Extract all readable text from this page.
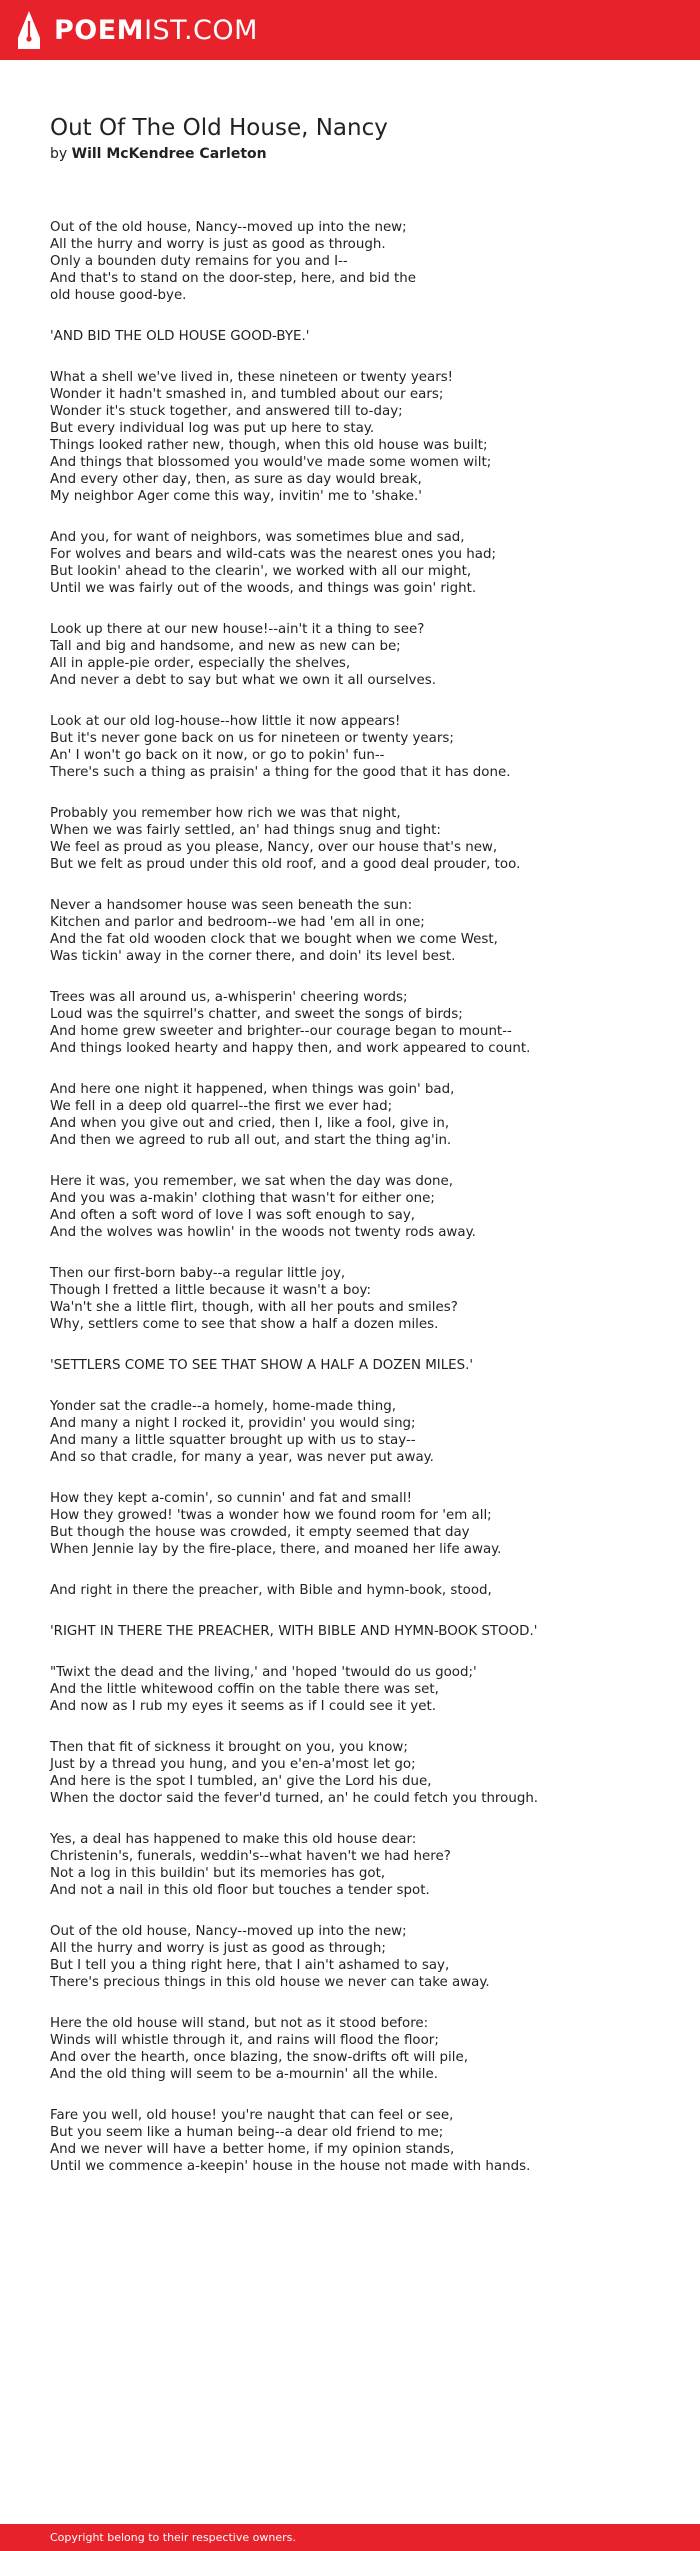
POEMIST.COM
Out Of The Old House, Nancy
by Will McKendree Carleton
Out of the old house, Nancy--moved up into the new;
All the hurry and worry is just as good as through.
Only a bounden duty remains for you and I--
And that's to stand on the door-step, here, and bid the
old house good-bye.
'AND BID THE OLD HOUSE GOOD-BYE.'
What a shell we've lived in, these nineteen or twenty years!
Wonder it hadn't smashed in, and tumbled about our ears;
Wonder it's stuck together, and answered till to-day;
But every individual log was put up here to stay.
Things looked rather new, though, when this old house was built;
And things that blossomed you would've made some women wilt;
And every other day, then, as sure as day would break,
My neighbor Ager come this way, invitin' me to 'shake.'
And you, for want of neighbors, was sometimes blue and sad,
For wolves and bears and wild-cats was the nearest ones you had;
But lookin' ahead to the clearin', we worked with all our might,
Until we was fairly out of the woods, and things was goin' right.
Look up there at our new house!--ain't it a thing to see?
Tall and big and handsome, and new as new can be;
All in apple-pie order, especially the shelves,
And never a debt to say but what we own it all ourselves.
Look at our old log-house--how little it now appears!
But it's never gone back on us for nineteen or twenty years;
An' I won't go back on it now, or go to pokin' fun--
There's such a thing as praisin' a thing for the good that it has done.
Probably you remember how rich we was that night,
When we was fairly settled, an' had things snug and tight:
We feel as proud as you please, Nancy, over our house that's new,
But we felt as proud under this old roof, and a good deal prouder, too.
Never a handsomer house was seen beneath the sun:
Kitchen and parlor and bedroom--we had 'em all in one;
And the fat old wooden clock that we bought when we come West,
Was tickin' away in the corner there, and doin' its level best.
Trees was all around us, a-whisperin' cheering words;
Loud was the squirrel's chatter, and sweet the songs of birds;
And home grew sweeter and brighter--our courage began to mount--
And things looked hearty and happy then, and work appeared to count.
And here one night it happened, when things was goin' bad,
We fell in a deep old quarrel--the first we ever had;
And when you give out and cried, then I, like a fool, give in,
And then we agreed to rub all out, and start the thing ag'in.
Here it was, you remember, we sat when the day was done,
And you was a-makin' clothing that wasn't for either one;
And often a soft word of love I was soft enough to say,
And the wolves was howlin' in the woods not twenty rods away.
Then our first-born baby--a regular little joy,
Though I fretted a little because it wasn't a boy:
Wa'n't she a little flirt, though, with all her pouts and smiles?
Why, settlers come to see that show a half a dozen miles.
'SETTLERS COME TO SEE THAT SHOW A HALF A DOZEN MILES.'
Yonder sat the cradle--a homely, home-made thing,
And many a night I rocked it, providin' you would sing;
And many a little squatter brought up with us to stay--
And so that cradle, for many a year, was never put away.
How they kept a-comin', so cunnin' and fat and small!
How they growed! 'twas a wonder how we found room for 'em all;
But though the house was crowded, it empty seemed that day
When Jennie lay by the fire-place, there, and moaned her life away.
And right in there the preacher, with Bible and hymn-book, stood,
'RIGHT IN THERE THE PREACHER, WITH BIBLE AND HYMN-BOOK STOOD.'
"Twixt the dead and the living,' and 'hoped 'twould do us good;'
And the little whitewood coffin on the table there was set,
And now as I rub my eyes it seems as if I could see it yet.
Then that fit of sickness it brought on you, you know;
Just by a thread you hung, and you e'en-a'most let go;
And here is the spot I tumbled, an' give the Lord his due,
When the doctor said the fever'd turned, an' he could fetch you through.
Yes, a deal has happened to make this old house dear:
Christenin's, funerals, weddin's--what haven't we had here?
Not a log in this buildin' but its memories has got,
And not a nail in this old floor but touches a tender spot.
Out of the old house, Nancy--moved up into the new;
All the hurry and worry is just as good as through;
But I tell you a thing right here, that I ain't ashamed to say,
There's precious things in this old house we never can take away.
Here the old house will stand, but not as it stood before:
Winds will whistle through it, and rains will flood the floor;
And over the hearth, once blazing, the snow-drifts oft will pile,
And the old thing will seem to be a-mournin' all the while.
Fare you well, old house! you're naught that can feel or see,
But you seem like a human being--a dear old friend to me;
And we never will have a better home, if my opinion stands,
Until we commence a-keepin' house in the house not made with hands.
Copyright belong to their respective owners.
